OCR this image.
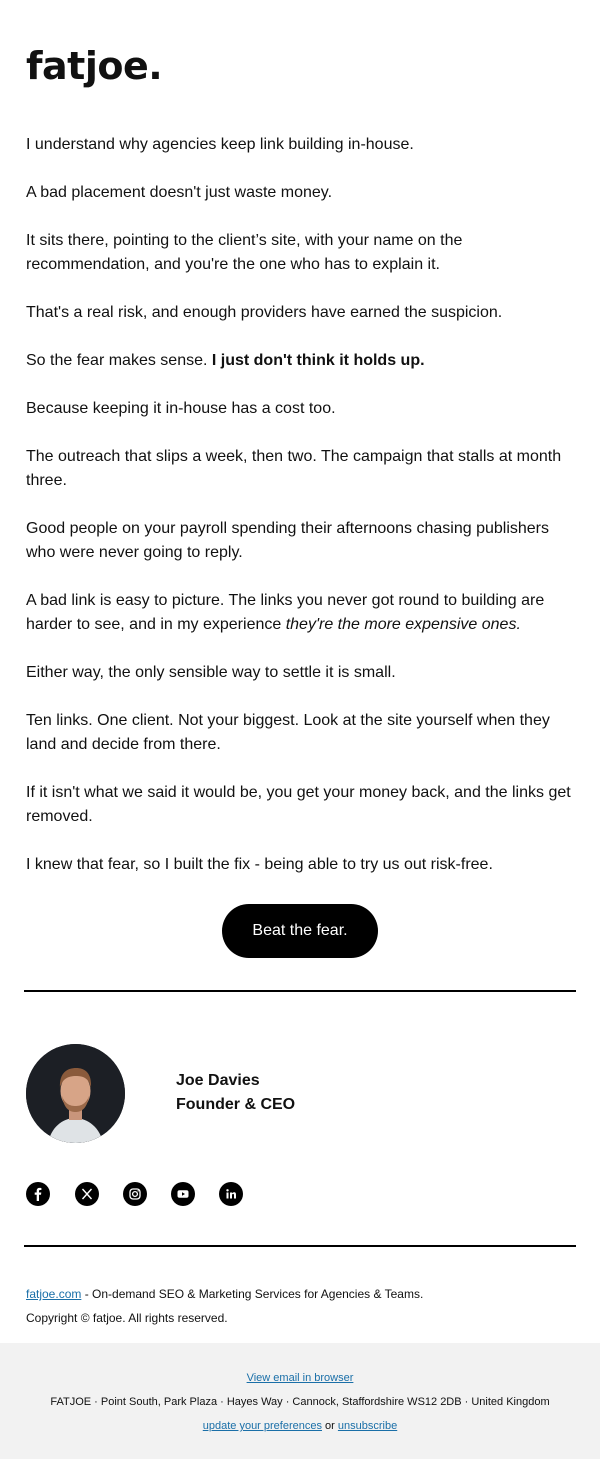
fatjoe.

I understand why agencies keep link building in-house.

A bad placement doesn't just waste money.

It sits there, pointing to the client’s site, with your name on the recommendation, and you're the one who has to explain it.

That's a real risk, and enough providers have earned the suspicion.

So the fear makes sense. I just don't think it holds up.

Because keeping it in-house has a cost too.

The outreach that slips a week, then two. The campaign that stalls at month three.

Good people on your payroll spending their afternoons chasing publishers who were never going to reply.

A bad link is easy to picture. The links you never got round to building are harder to see, and in my experience they're the more expensive ones.

Either way, the only sensible way to settle it is small.

Ten links. One client. Not your biggest. Look at the site yourself when they land and decide from there.

If it isn't what we said it would be, you get your money back, and the links get removed.

I knew that fear, so I built the fix - being able to try us out risk-free.

Beat the fear.
Joe Davies
Founder & CEO
fatjoe.com - On-demand SEO & Marketing Services for Agencies & Teams.
Copyright © fatjoe. All rights reserved.
View email in browser
FATJOE · Point South, Park Plaza · Hayes Way · Cannock, Staffordshire WS12 2DB · United Kingdom
update your preferences or unsubscribe
